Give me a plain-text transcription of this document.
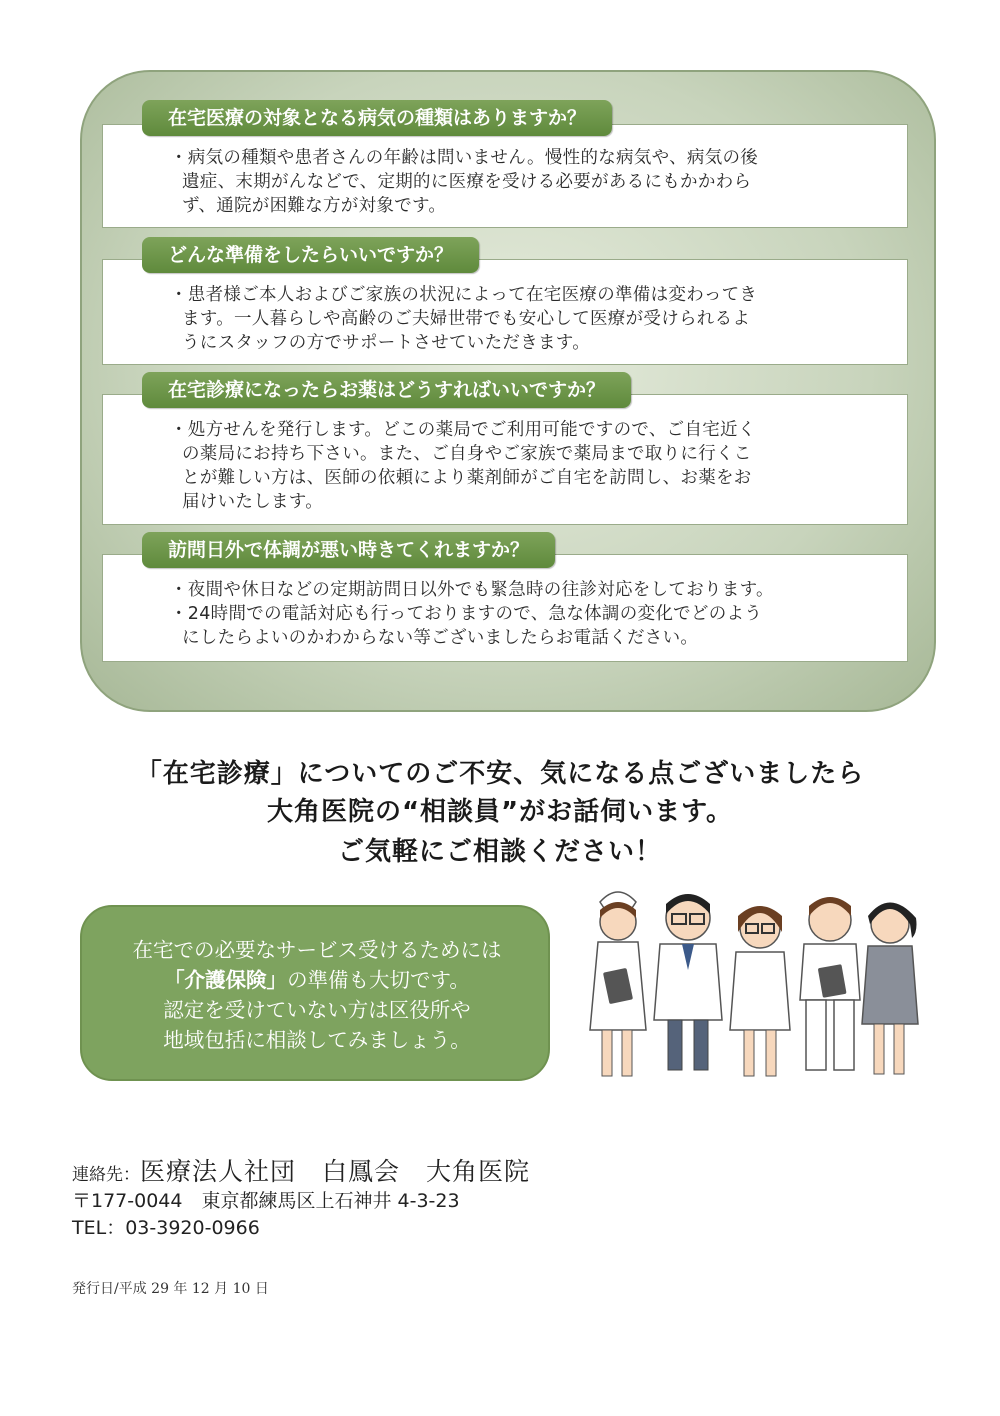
在宅医療の対象となる病気の種類はありますか？
・病気の種類や患者さんの年齢は問いません。慢性的な病気や、病気の後
遺症、末期がんなどで、定期的に医療を受ける必要があるにもかかわら
ず、通院が困難な方が対象です。
どんな準備をしたらいいですか？
・患者様ご本人およびご家族の状況によって在宅医療の準備は変わってき
ます。一人暮らしや高齢のご夫婦世帯でも安心して医療が受けられるよ
うにスタッフの方でサポートさせていただきます。
在宅診療になったらお薬はどうすればいいですか？
・処方せんを発行します。どこの薬局でご利用可能ですので、ご自宅近く
の薬局にお持ち下さい。また、ご自身やご家族で薬局まで取りに行くこ
とが難しい方は、医師の依頼により薬剤師がご自宅を訪問し、お薬をお
届けいたします。
訪問日外で体調が悪い時きてくれますか？
・夜間や休日などの定期訪問日以外でも緊急時の往診対応をしております。
・24時間での電話対応も行っておりますので、急な体調の変化でどのよう
にしたらよいのかわからない等ございましたらお電話ください。
「在宅診療」についてのご不安、気になる点ございましたら
大角医院の“相談員”がお話伺います。
ご気軽にご相談ください！
在宅での必要なサービス受けるためには
「介護保険」の準備も大切です。
認定を受けていない方は区役所や
地域包括に相談してみましょう。
連絡先：医療法人社団　白鳳会　大角医院
〒177-0044　東京都練馬区上石神井 4-3-23
TEL：03-3920-0966
発行日/平成 29 年 12 月 10 日
